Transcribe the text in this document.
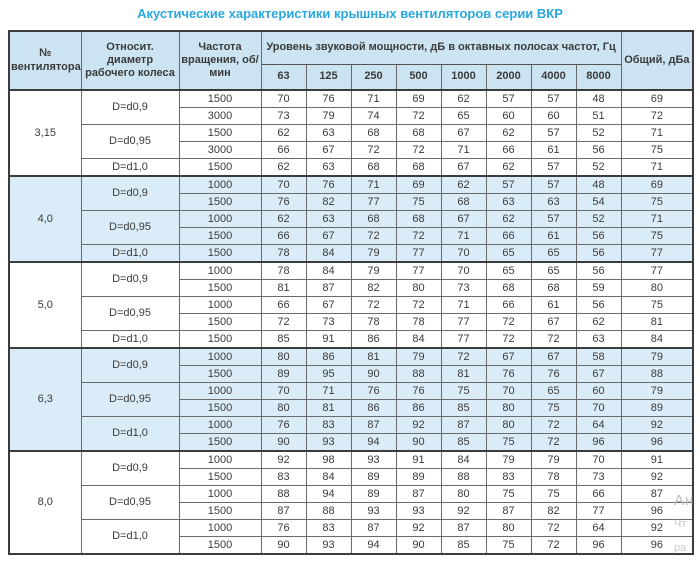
Акустические характеристики крышных вентиляторов серии ВКР
№ вентилятора	Относит. диаметр рабочего колеса	Частота вращения, об/мин	Уровень звуковой мощности, дБ в октавных полосах частот, Гц								Общий, дБа
			63	125	250	500	1000	2000	4000	8000	
3,15	D=d0,9	1500	70	76	71	69	62	57	57	48	69
		3000	73	79	74	72	65	60	60	51	72
	D=d0,95	1500	62	63	68	68	67	62	57	52	71
		3000	66	67	72	72	71	66	61	56	75
	D=d1,0	1500	62	63	68	68	67	62	57	52	71
4,0	D=d0,9	1000	70	76	71	69	62	57	57	48	69
		1500	76	82	77	75	68	63	63	54	75
	D=d0,95	1000	62	63	68	68	67	62	57	52	71
		1500	66	67	72	72	71	66	61	56	75
	D=d1,0	1500	78	84	79	77	70	65	65	56	77
5,0	D=d0,9	1000	78	84	79	77	70	65	65	56	77
		1500	81	87	82	80	73	68	68	59	80
	D=d0,95	1000	66	67	72	72	71	66	61	56	75
		1500	72	73	78	78	77	72	67	62	81
	D=d1,0	1500	85	91	86	84	77	72	72	63	84
6,3	D=d0,9	1000	80	86	81	79	72	67	67	58	79
		1500	89	95	90	88	81	76	76	67	88
	D=d0,95	1000	70	71	76	76	75	70	65	60	79
		1500	80	81	86	86	85	80	75	70	89
	D=d1,0	1000	76	83	87	92	87	80	72	64	92
		1500	90	93	94	90	85	75	72	96	96
8,0	D=d0,9	1000	92	98	93	91	84	79	79	70	91
		1500	83	84	89	89	88	83	78	73	92
	D=d0,95	1000	88	94	89	87	80	75	75	66	87
		1500	87	88	93	93	92	87	82	77	96
	D=d1,0	1000	76	83	87	92	87	80	72	64	92
		1500	90	93	94	90	85	75	72	96	96
Ан
Чт
ра
